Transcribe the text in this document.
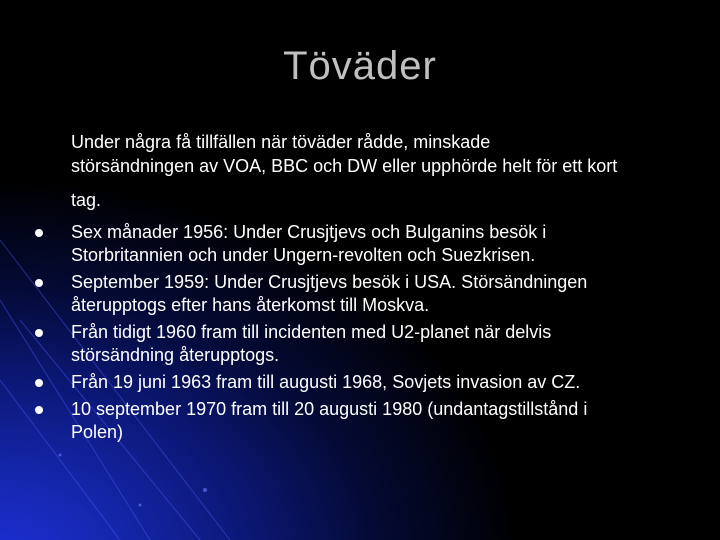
Töväder
Under några få tillfällen när töväder rådde, minskade
störsändningen av VOA, BBC och DW eller upphörde helt för ett kort
tag.
Sex månader 1956: Under Crusjtjevs och Bulganins besök i
Storbritannien och under Ungern-revolten och Suezkrisen.
September 1959: Under Crusjtjevs besök i USA. Störsändningen
återupptogs efter hans återkomst till Moskva.
Från tidigt 1960 fram till incidenten med U2-planet när delvis
störsändning återupptogs.
Från 19 juni 1963 fram till augusti 1968, Sovjets invasion av CZ.
10 september 1970 fram till 20 augusti 1980 (undantagstillstånd i
Polen)
